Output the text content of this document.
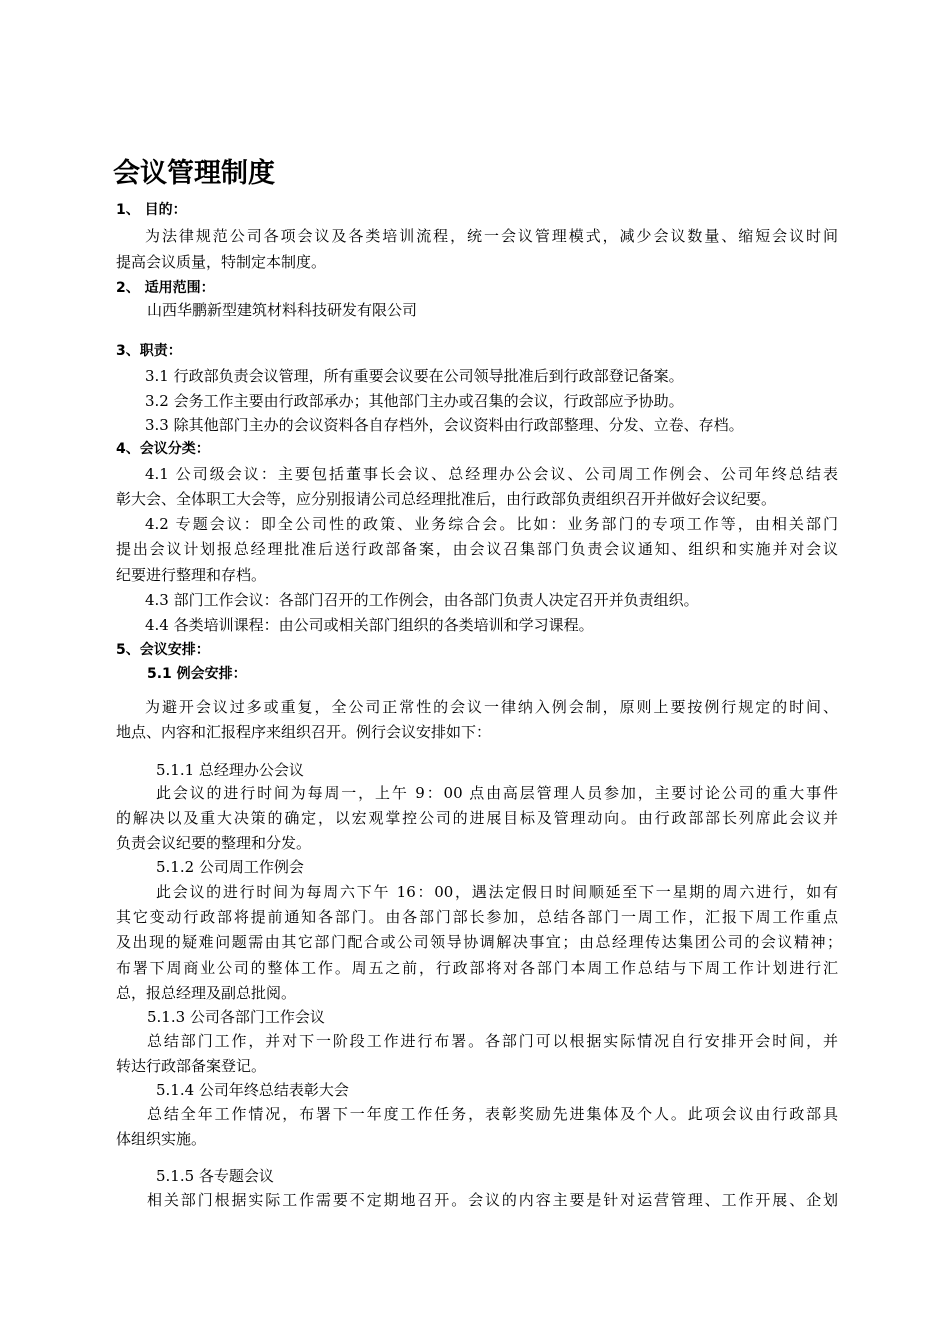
会议管理制度
1、 目的：
为法律规范公司各项会议及各类培训流程，统一会议管理模式，减少会议数量、缩短会议时间
提高会议质量，特制定本制度。
2、 适用范围：
山西华鹏新型建筑材料科技研发有限公司
3、职责：
3.1 行政部负责会议管理，所有重要会议要在公司领导批准后到行政部登记备案。
3.2 会务工作主要由行政部承办；其他部门主办或召集的会议，行政部应予协助。
3.3 除其他部门主办的会议资料各自存档外，会议资料由行政部整理、分发、立卷、存档。
4、会议分类：
4.1 公司级会议：主要包括董事长会议、总经理办公会议、公司周工作例会、公司年终总结表
彰大会、全体职工大会等，应分别报请公司总经理批准后，由行政部负责组织召开并做好会议纪要。
4.2 专题会议：即全公司性的政策、业务综合会。比如：业务部门的专项工作等，由相关部门
提出会议计划报总经理批准后送行政部备案，由会议召集部门负责会议通知、组织和实施并对会议
纪要进行整理和存档。
4.3 部门工作会议：各部门召开的工作例会，由各部门负责人决定召开并负责组织。
4.4 各类培训课程：由公司或相关部门组织的各类培训和学习课程。
5、会议安排：
5.1 例会安排：
为避开会议过多或重复，全公司正常性的会议一律纳入例会制，原则上要按例行规定的时间、
地点、内容和汇报程序来组织召开。例行会议安排如下：
5.1.1 总经理办公会议
此会议的进行时间为每周一，上午 9：00 点由高层管理人员参加，主要讨论公司的重大事件
的解决以及重大决策的确定，以宏观掌控公司的进展目标及管理动向。由行政部部长列席此会议并
负责会议纪要的整理和分发。
5.1.2 公司周工作例会
此会议的进行时间为每周六下午 16：00，遇法定假日时间顺延至下一星期的周六进行，如有
其它变动行政部将提前通知各部门。由各部门部长参加，总结各部门一周工作，汇报下周工作重点
及出现的疑难问题需由其它部门配合或公司领导协调解决事宜；由总经理传达集团公司的会议精神；
布署下周商业公司的整体工作。周五之前，行政部将对各部门本周工作总结与下周工作计划进行汇
总，报总经理及副总批阅。
5.1.3 公司各部门工作会议
总结部门工作，并对下一阶段工作进行布署。各部门可以根据实际情况自行安排开会时间，并
转达行政部备案登记。
5.1.4 公司年终总结表彰大会
总结全年工作情况，布署下一年度工作任务，表彰奖励先进集体及个人。此项会议由行政部具
体组织实施。
5.1.5 各专题会议
相关部门根据实际工作需要不定期地召开。会议的内容主要是针对运营管理、工作开展、企划
